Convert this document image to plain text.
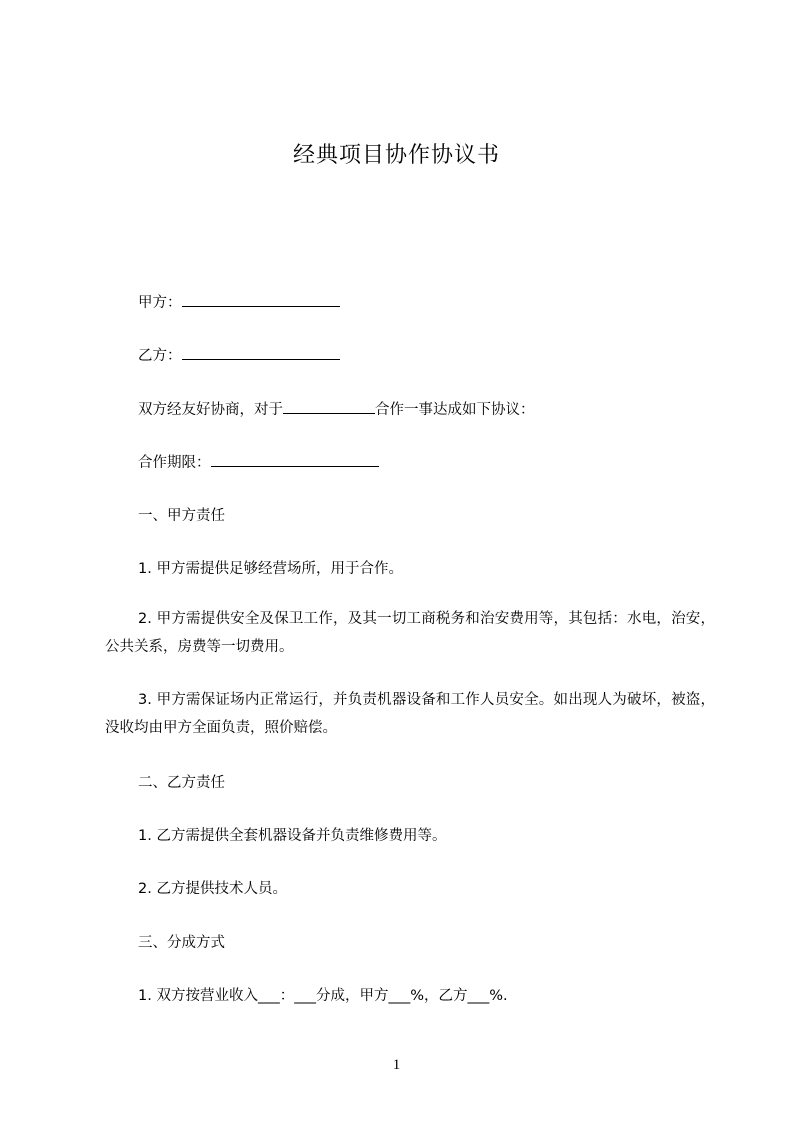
经典项目协作协议书
甲方：
乙方：
双方经友好协商，对于	合作一事达成如下协议：
合作期限：
一、甲方责任
1. 甲方需提供足够经营场所，用于合作。
2. 甲方需提供安全及保卫工作，及其一切工商税务和治安费用等，其包括：水电，治安，公共关系，房费等一切费用。
3. 甲方需保证场内正常运行，并负责机器设备和工作人员安全。如出现人为破坏，被盗，没收均由甲方全面负责，照价赔偿。
二、乙方责任
1. 乙方需提供全套机器设备并负责维修费用等。
2. 乙方提供技术人员。
三、分成方式
1. 双方按营业收入___：___分成，甲方___%，乙方___%.
1
